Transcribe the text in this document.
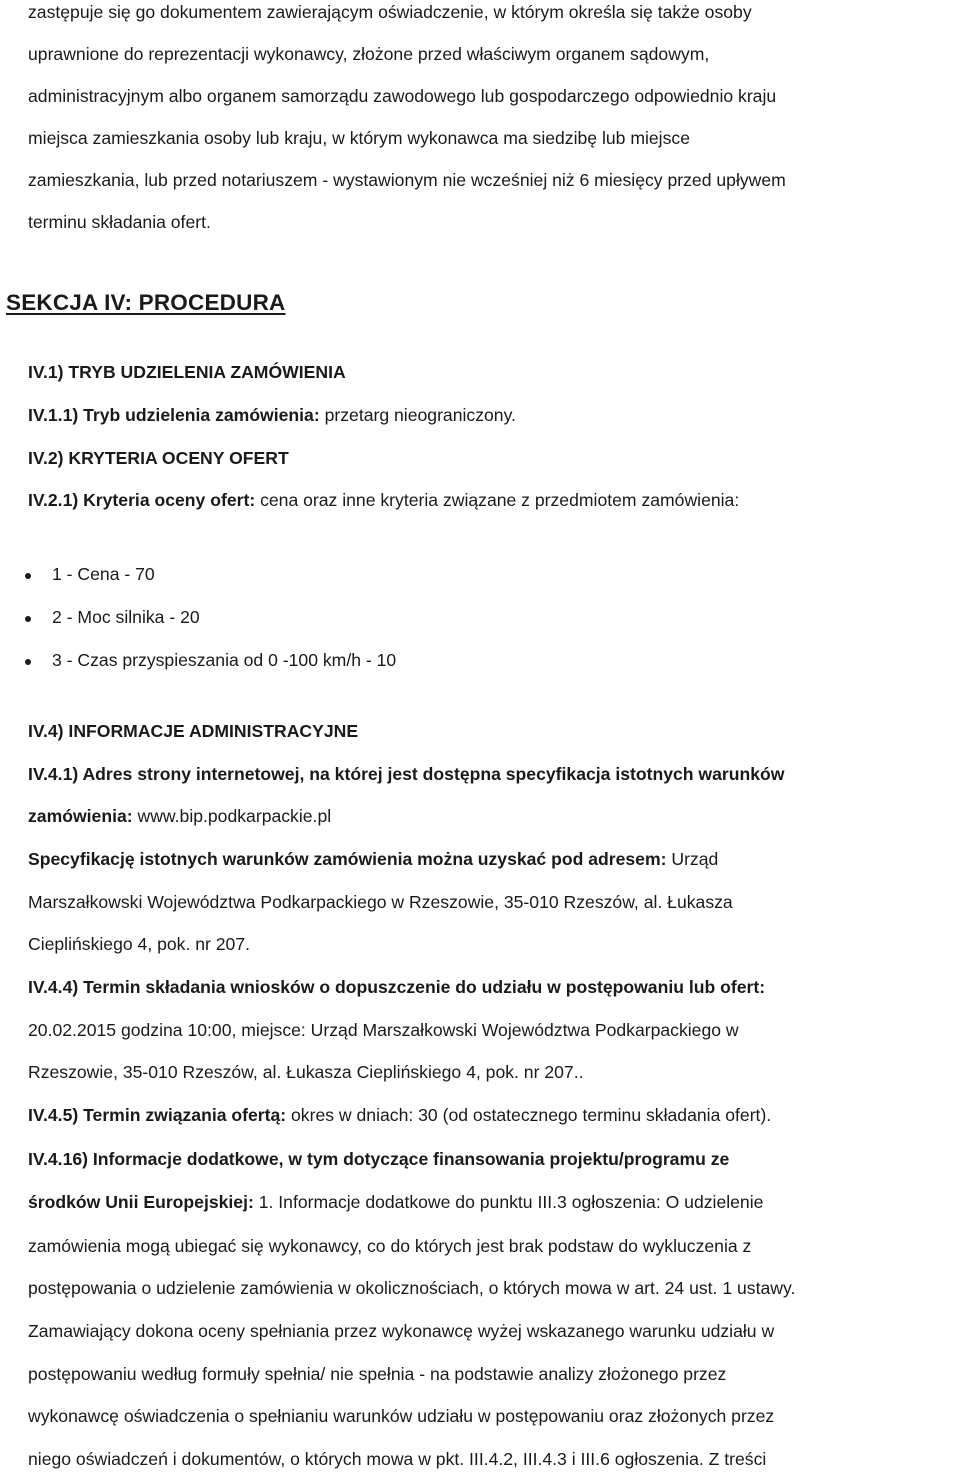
zastępuje się go dokumentem zawierającym oświadczenie, w którym określa się także osoby
uprawnione do reprezentacji wykonawcy, złożone przed właściwym organem sądowym,
administracyjnym albo organem samorządu zawodowego lub gospodarczego odpowiednio kraju
miejsca zamieszkania osoby lub kraju, w którym wykonawca ma siedzibę lub miejsce
zamieszkania, lub przed notariuszem - wystawionym nie wcześniej niż 6 miesięcy przed upływem
terminu składania ofert.
SEKCJA IV: PROCEDURA
IV.1) TRYB UDZIELENIA ZAMÓWIENIA
IV.1.1) Tryb udzielenia zamówienia: przetarg nieograniczony.
IV.2) KRYTERIA OCENY OFERT
IV.2.1) Kryteria oceny ofert: cena oraz inne kryteria związane z przedmiotem zamówienia:
1 - Cena - 70
2 - Moc silnika - 20
3 - Czas przyspieszania od 0 -100 km/h - 10
IV.4) INFORMACJE ADMINISTRACYJNE
IV.4.1) Adres strony internetowej, na której jest dostępna specyfikacja istotnych warunków
zamówienia: www.bip.podkarpackie.pl
Specyfikację istotnych warunków zamówienia można uzyskać pod adresem: Urząd
Marszałkowski Województwa Podkarpackiego w Rzeszowie, 35-010 Rzeszów, al. Łukasza
Cieplińskiego 4, pok. nr 207.
IV.4.4) Termin składania wniosków o dopuszczenie do udziału w postępowaniu lub ofert:
20.02.2015 godzina 10:00, miejsce: Urząd Marszałkowski Województwa Podkarpackiego w
Rzeszowie, 35-010 Rzeszów, al. Łukasza Cieplińskiego 4, pok. nr 207..
IV.4.5) Termin związania ofertą: okres w dniach: 30 (od ostatecznego terminu składania ofert).
IV.4.16) Informacje dodatkowe, w tym dotyczące finansowania projektu/programu ze
środków Unii Europejskiej: 1. Informacje dodatkowe do punktu III.3 ogłoszenia: O udzielenie
zamówienia mogą ubiegać się wykonawcy, co do których jest brak podstaw do wykluczenia z
postępowania o udzielenie zamówienia w okolicznościach, o których mowa w art. 24 ust. 1 ustawy.
Zamawiający dokona oceny spełniania przez wykonawcę wyżej wskazanego warunku udziału w
postępowaniu według formuły spełnia/ nie spełnia - na podstawie analizy złożonego przez
wykonawcę oświadczenia o spełnianiu warunków udziału w postępowaniu oraz złożonych przez
niego oświadczeń i dokumentów, o których mowa w pkt. III.4.2, III.4.3 i III.6 ogłoszenia. Z treści
